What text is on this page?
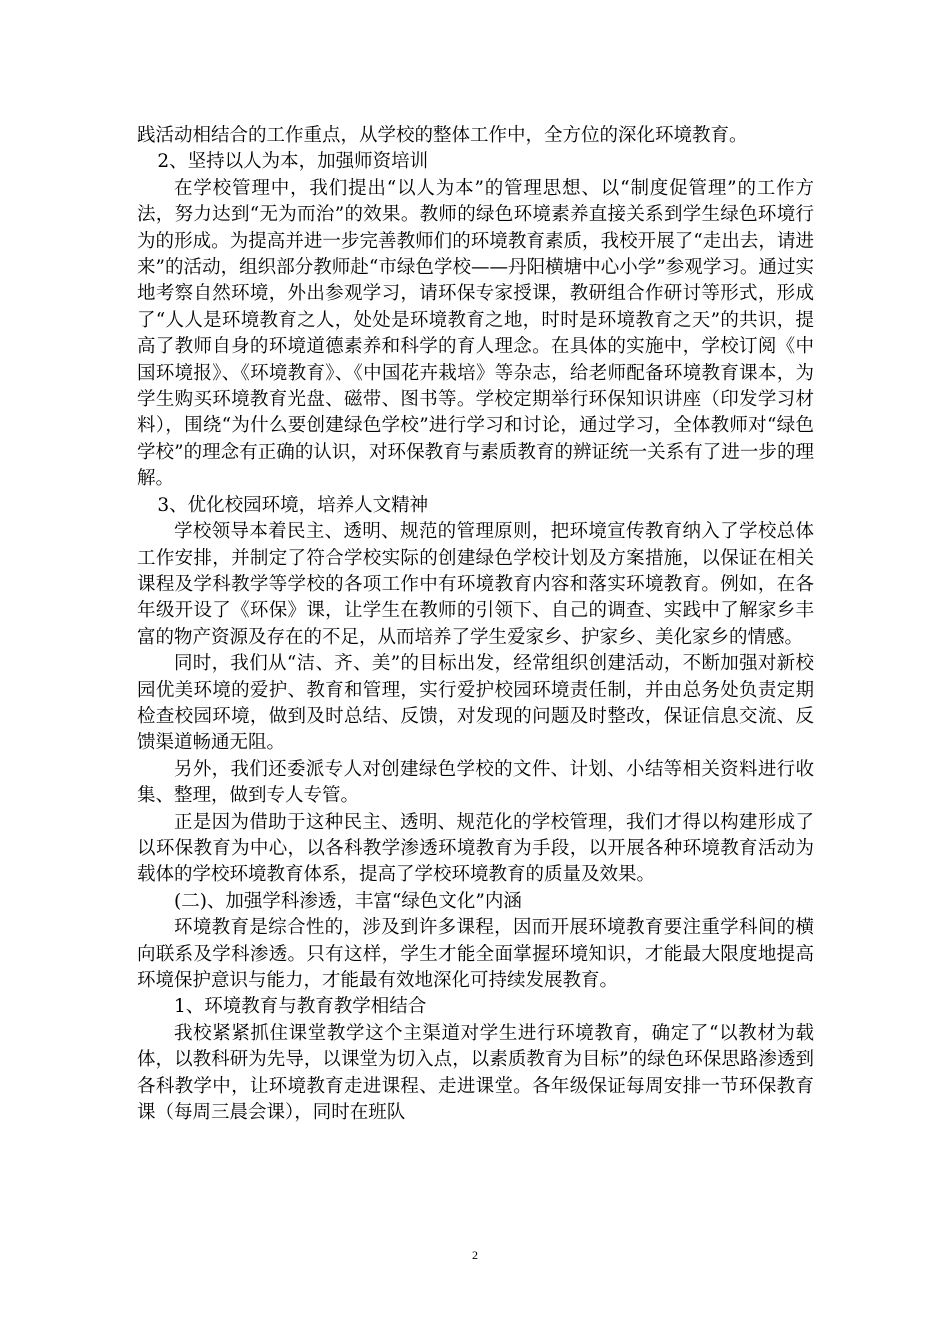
践活动相结合的工作重点，从学校的整体工作中，全方位的深化环境教育。

2、坚持以人为本，加强师资培训

在学校管理中，我们提出“以人为本”的管理思想、以“制度促管理”的工作方法，努力达到“无为而治”的效果。教师的绿色环境素养直接关系到学生绿色环境行为的形成。为提高并进一步完善教师们的环境教育素质，我校开展了“走出去，请进来”的活动，组织部分教师赴“市绿色学校——丹阳横塘中心小学”参观学习。通过实地考察自然环境，外出参观学习，请环保专家授课，教研组合作研讨等形式，形成了“人人是环境教育之人，处处是环境教育之地，时时是环境教育之天”的共识，提高了教师自身的环境道德素养和科学的育人理念。在具体的实施中，学校订阅《中国环境报》、《环境教育》、《中国花卉栽培》等杂志，给老师配备环境教育课本，为学生购买环境教育光盘、磁带、图书等。学校定期举行环保知识讲座（印发学习材料），围绕“为什么要创建绿色学校”进行学习和讨论，通过学习，全体教师对“绿色学校”的理念有正确的认识，对环保教育与素质教育的辨证统一关系有了进一步的理解。

3、优化校园环境，培养人文精神

学校领导本着民主、透明、规范的管理原则，把环境宣传教育纳入了学校总体工作安排，并制定了符合学校实际的创建绿色学校计划及方案措施，以保证在相关课程及学科教学等学校的各项工作中有环境教育内容和落实环境教育。例如，在各年级开设了《环保》课，让学生在教师的引领下、自己的调查、实践中了解家乡丰富的物产资源及存在的不足，从而培养了学生爱家乡、护家乡、美化家乡的情感。

同时，我们从“洁、齐、美”的目标出发，经常组织创建活动，不断加强对新校园优美环境的爱护、教育和管理，实行爱护校园环境责任制，并由总务处负责定期检查校园环境，做到及时总结、反馈，对发现的问题及时整改，保证信息交流、反馈渠道畅通无阻。

另外，我们还委派专人对创建绿色学校的文件、计划、小结等相关资料进行收集、整理，做到专人专管。

正是因为借助于这种民主、透明、规范化的学校管理，我们才得以构建形成了以环保教育为中心，以各科教学渗透环境教育为手段，以开展各种环境教育活动为载体的学校环境教育体系，提高了学校环境教育的质量及效果。

(二)、加强学科渗透，丰富“绿色文化”内涵

环境教育是综合性的，涉及到许多课程，因而开展环境教育要注重学科间的横向联系及学科渗透。只有这样，学生才能全面掌握环境知识，才能最大限度地提高环境保护意识与能力，才能最有效地深化可持续发展教育。

1、环境教育与教育教学相结合

我校紧紧抓住课堂教学这个主渠道对学生进行环境教育，确定了“以教材为载体，以教科研为先导，以课堂为切入点，以素质教育为目标”的绿色环保思路渗透到各科教学中，让环境教育走进课程、走进课堂。各年级保证每周安排一节环保教育课（每周三晨会课），同时在班队

2
